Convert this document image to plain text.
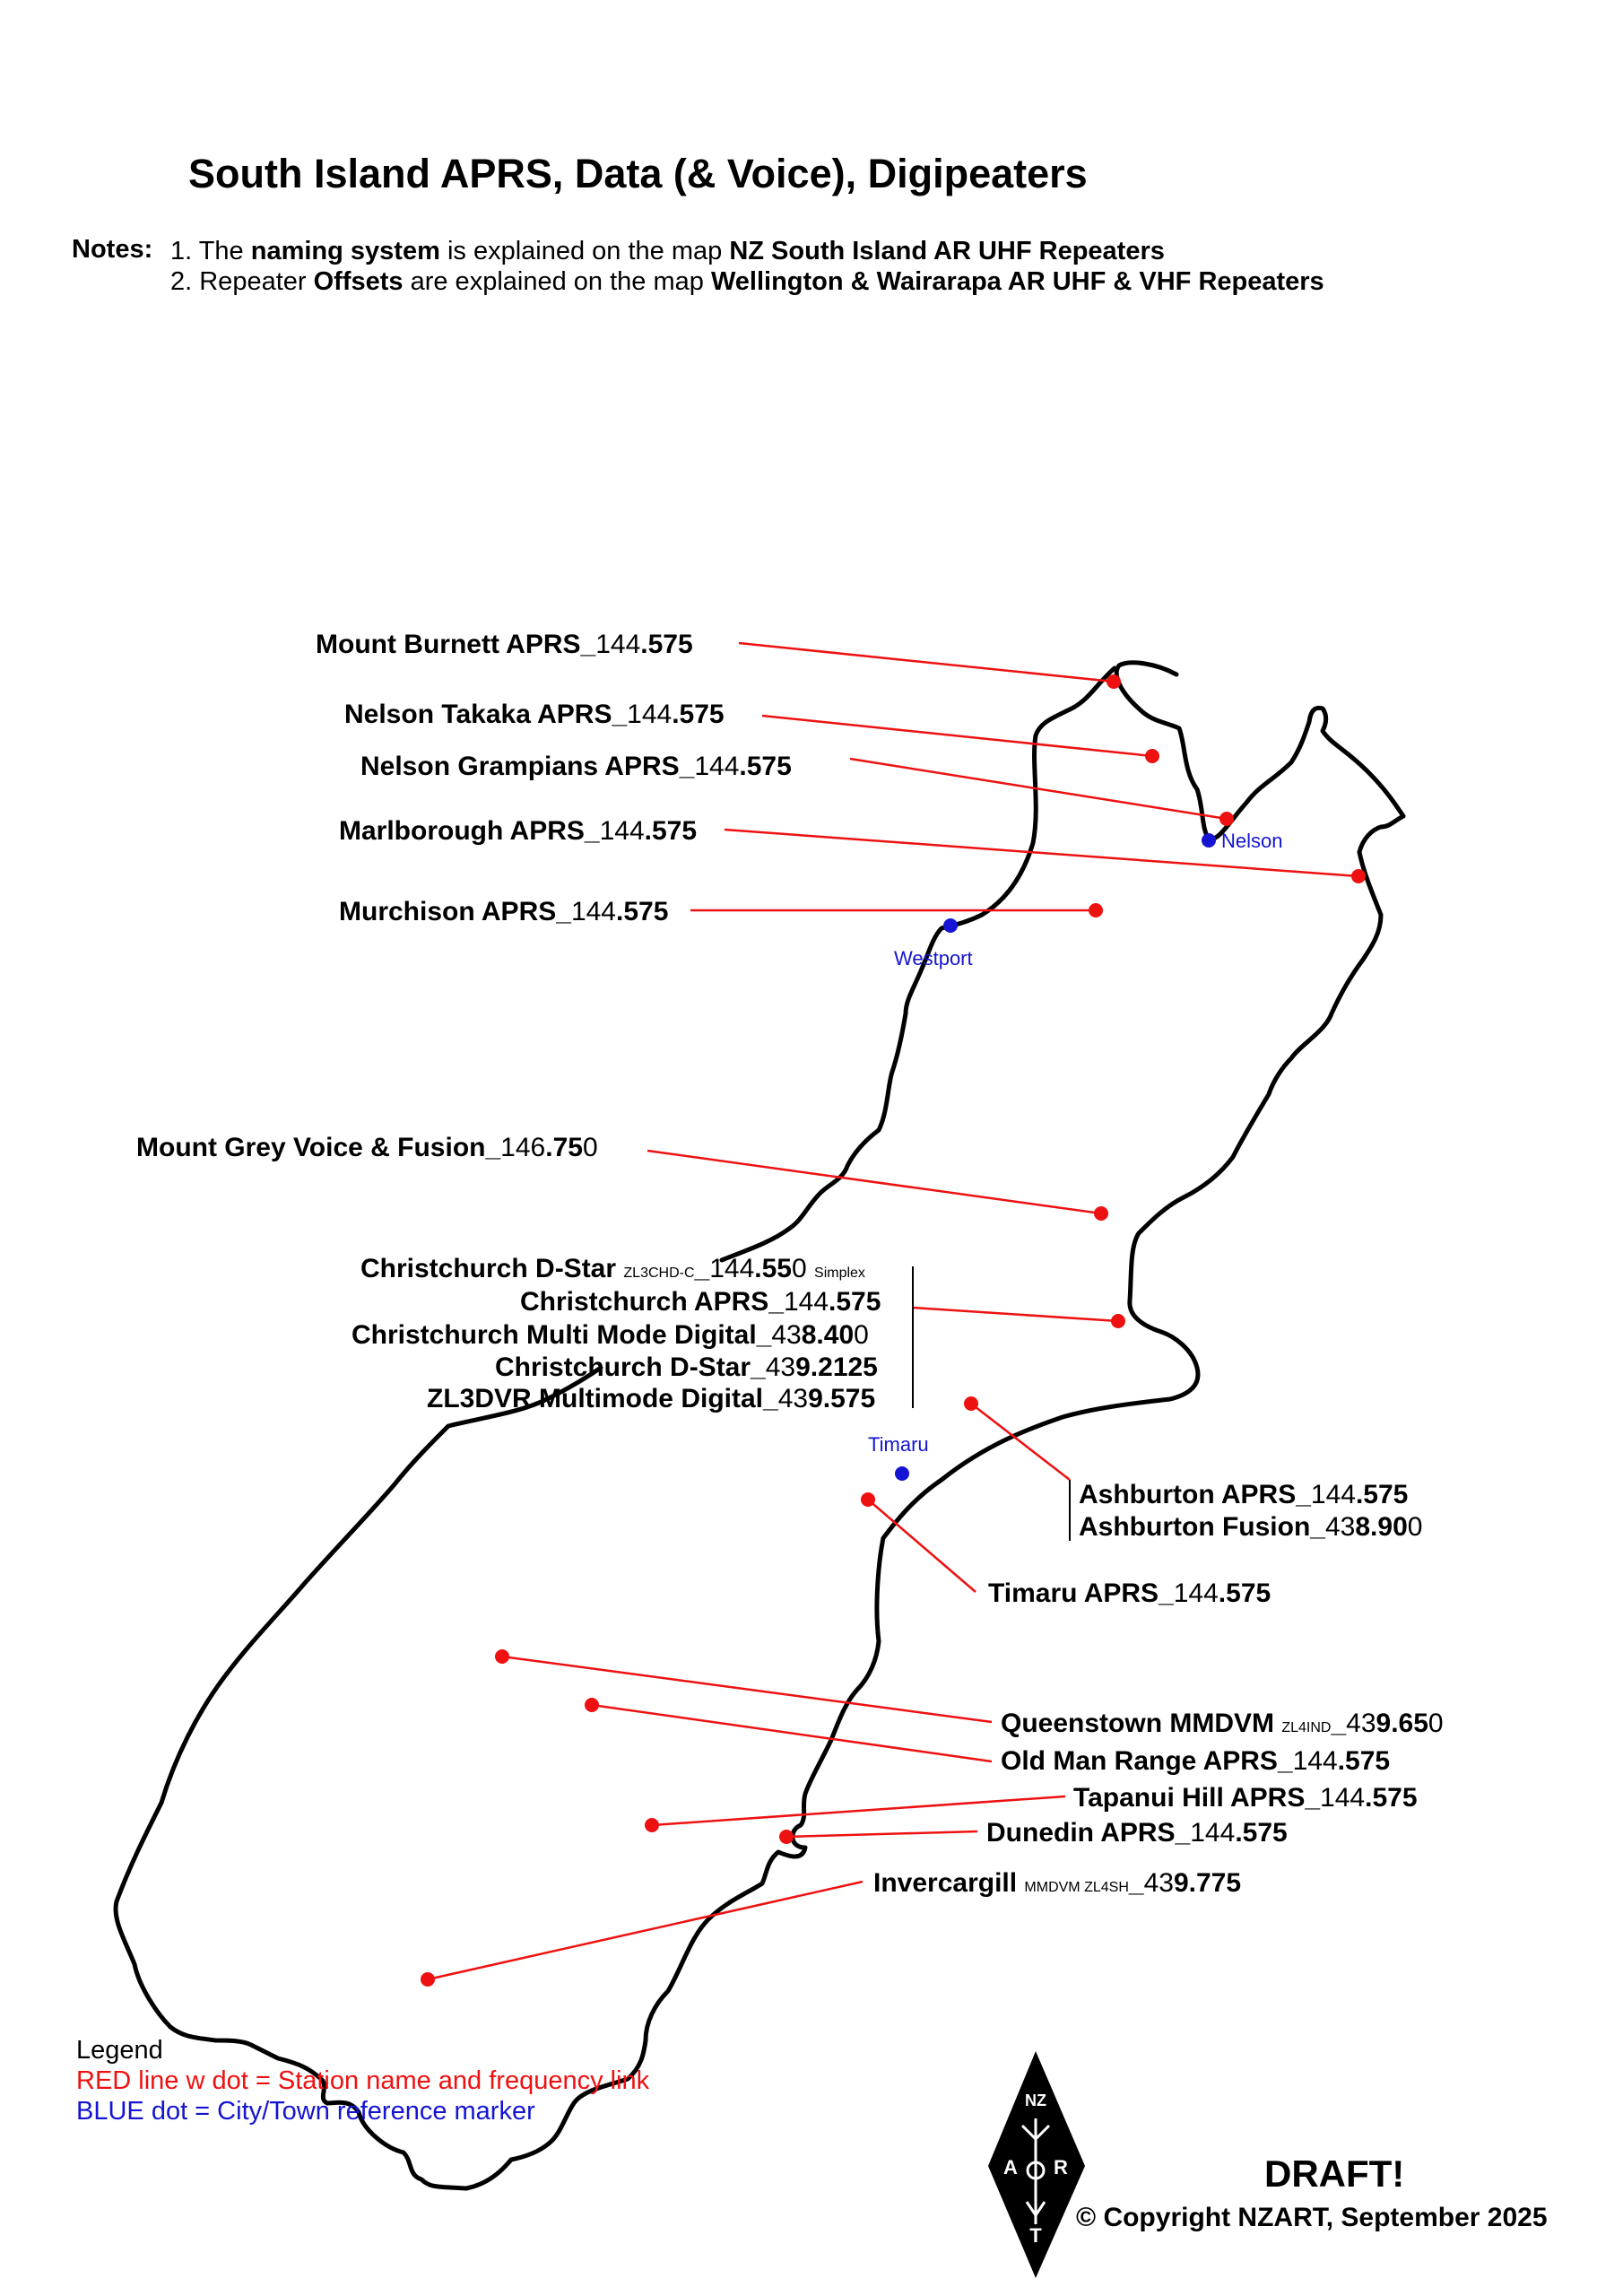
South Island APRS, Data (& Voice), Digipeaters
Notes: 1. The naming system is explained on the map NZ South Island AR UHF Repeaters
2. Repeater Offsets are explained on the map Wellington & Wairarapa AR UHF & VHF Repeaters
NZ
A R
T
Mount Burnett APRS_144.575
Nelson Takaka APRS_144.575
Nelson Grampians APRS_144.575
Marlborough APRS_144.575
Murchison APRS_144.575
Mount Grey Voice & Fusion_146.750
Christchurch D-Star ZL3CHD-C_144.550 Simplex
Christchurch APRS_144.575
Christchurch Multi Mode Digital_438.400
Christchurch D-Star_439.2125
ZL3DVR Multimode Digital_439.575
Ashburton APRS_144.575
Ashburton Fusion_438.900
Timaru APRS_144.575
Queenstown MMDVM ZL4IND_439.650
Old Man Range APRS_144.575
Tapanui Hill APRS_144.575
Dunedin APRS_144.575
Invercargill MMDVM ZL4SH_439.775
Nelson
Westport
Timaru
Legend
RED line w dot = Station name and frequency link
BLUE dot = City/Town reference marker
DRAFT!
© Copyright NZART, September 2025
